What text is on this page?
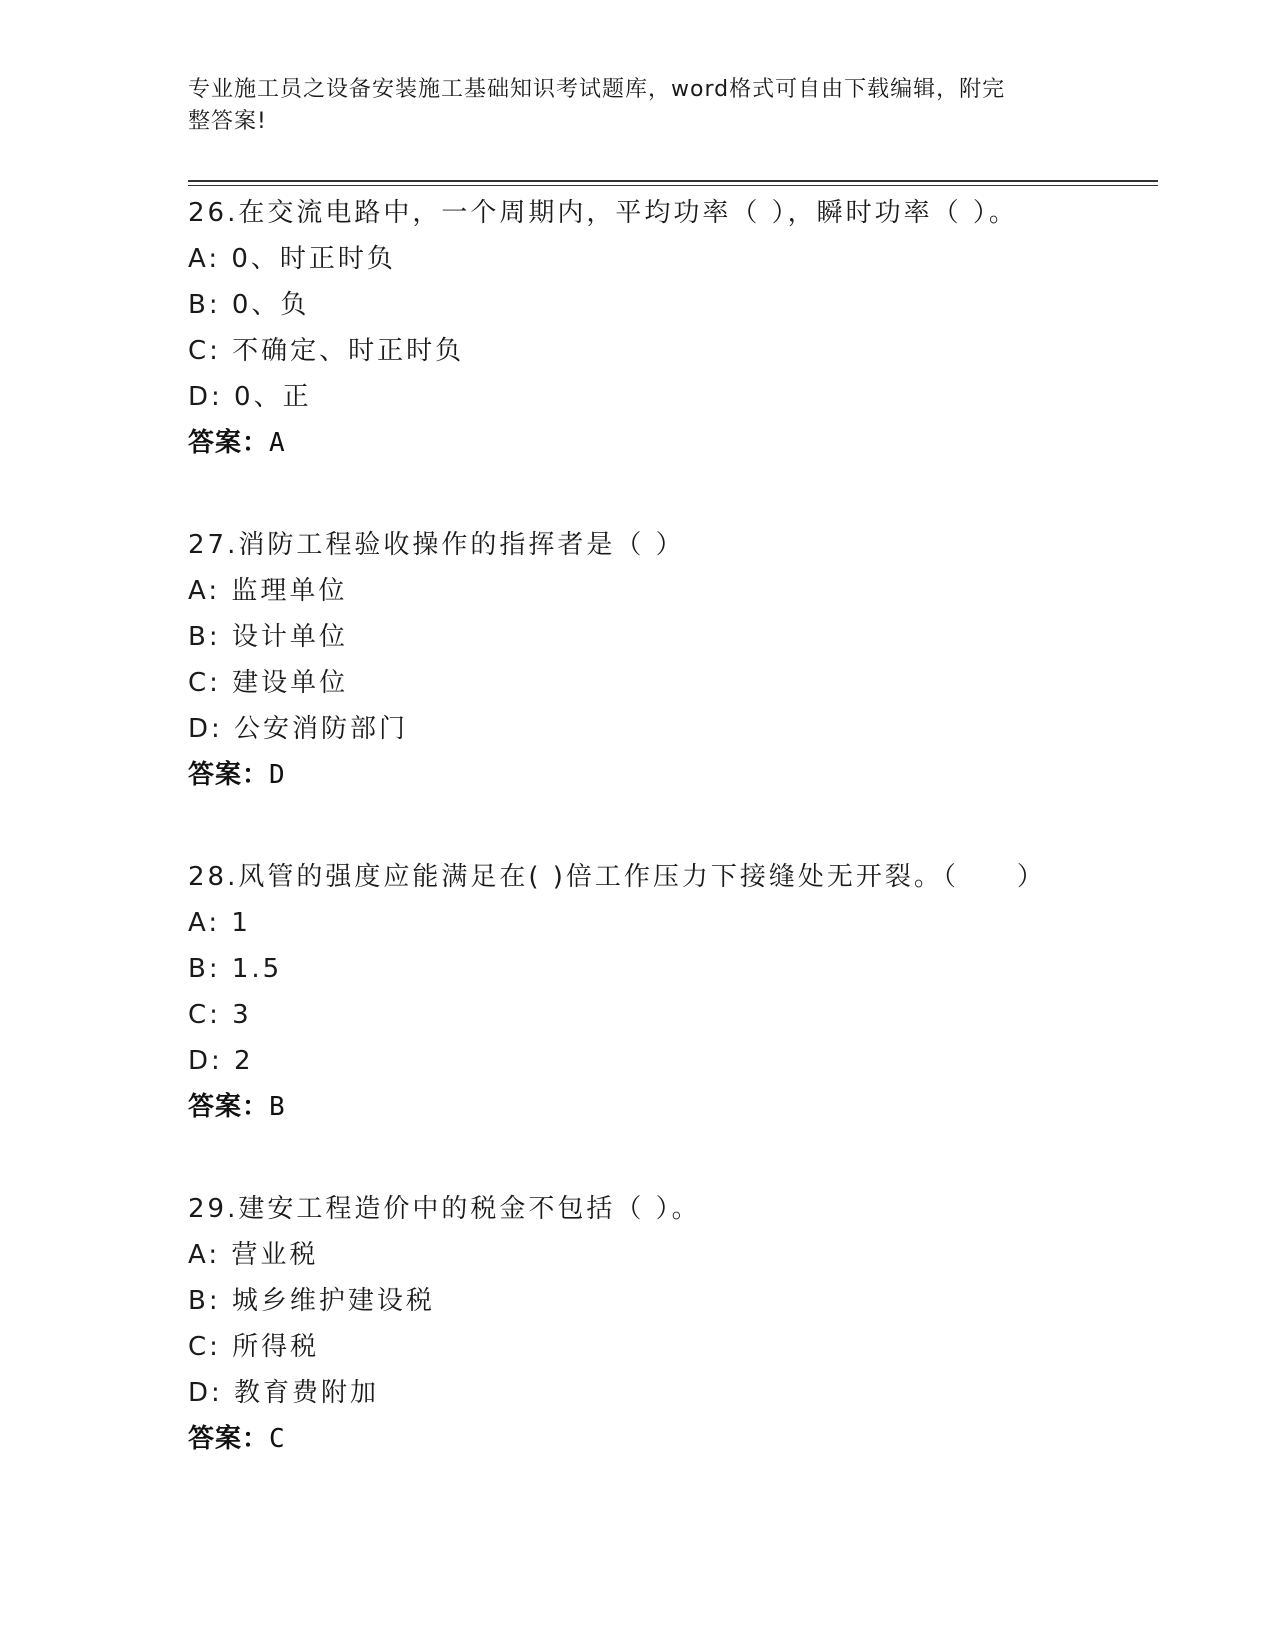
专业施工员之设备安装施工基础知识考试题库，word格式可自由下载编辑，附完
整答案!
26.在交流电路中，一个周期内，平均功率（ ），瞬时功率（ ）。
A: 0、时正时负
B: 0、负
C: 不确定、时正时负
D: 0、正
答案：A
27.消防工程验收操作的指挥者是（ ）
A: 监理单位
B: 设计单位
C: 建设单位
D: 公安消防部门
答案：D
28.风管的强度应能满足在( )倍工作压力下接缝处无开裂。（　　）
A: 1
B: 1.5
C: 3
D: 2
答案：B
29.建安工程造价中的税金不包括（ ）。
A: 营业税
B: 城乡维护建设税
C: 所得税
D: 教育费附加
答案：C
